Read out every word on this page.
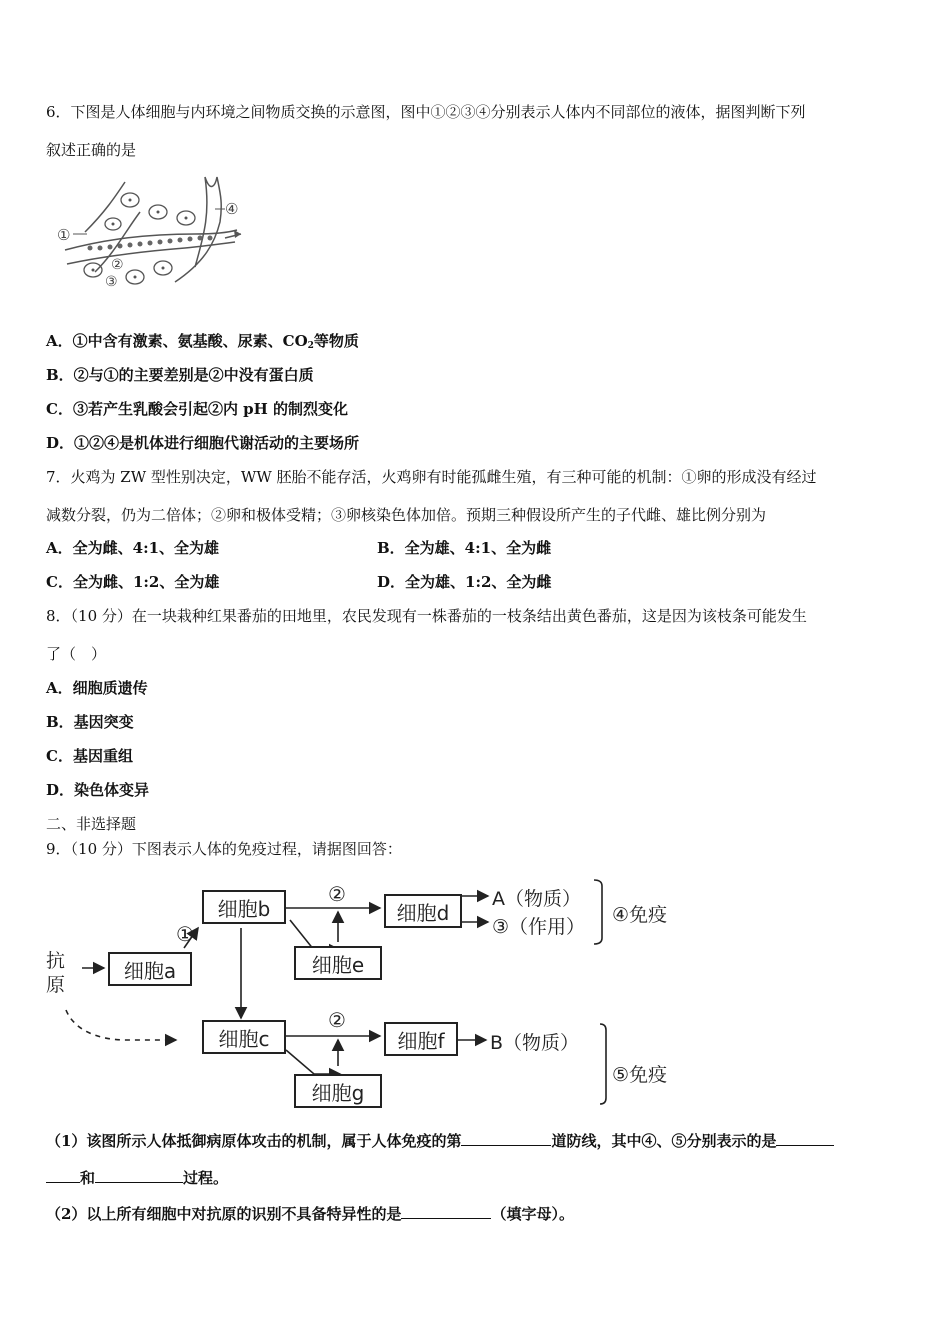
6．下图是人体细胞与内环境之间物质交换的示意图，图中①②③④分别表示人体内不同部位的液体，据图判断下列
叙述正确的是
①
②
③
④
A．①中含有激素、氨基酸、尿素、$CO_2$等物质
B．②与①的主要差别是②中没有蛋白质
C．③若产生乳酸会引起②内 pH 的制烈变化
D．①②④是机体进行细胞代谢活动的主要场所
7．火鸡为 ZW 型性别决定，WW 胚胎不能存活，火鸡卵有时能孤雌生殖，有三种可能的机制：①卵的形成没有经过
减数分裂，仍为二倍体；②卵和极体受精；③卵核染色体加倍。预期三种假设所产生的子代雌、雄比例分别为
A．全为雌、4:1、全为雄	B．全为雄、4:1、全为雌
C．全为雌、1:2、全为雄	D．全为雄、1:2、全为雌
8．（10 分）在一块栽种红果番茄的田地里，农民发现有一株番茄的一枝条结出黄色番茄，这是因为该枝条可能发生
了（　）
A．细胞质遗传
B．基因突变
C．基因重组
D．染色体变异
二、非选择题
9．（10 分）下图表示人体的免疫过程，请据图回答：
抗
原
细胞a
细胞b	细胞d
细胞e
细胞c	细胞f
细胞g
①
②
②
A（物质）
③（作用）
B（物质）
④免疫
⑤免疫
（1）该图所示人体抵御病原体攻击的机制，属于人体免疫的第	道防线，其中④、⑤分别表示的是
和	过程。
（2）以上所有细胞中对抗原的识别不具备特异性的是	（填字母）。
